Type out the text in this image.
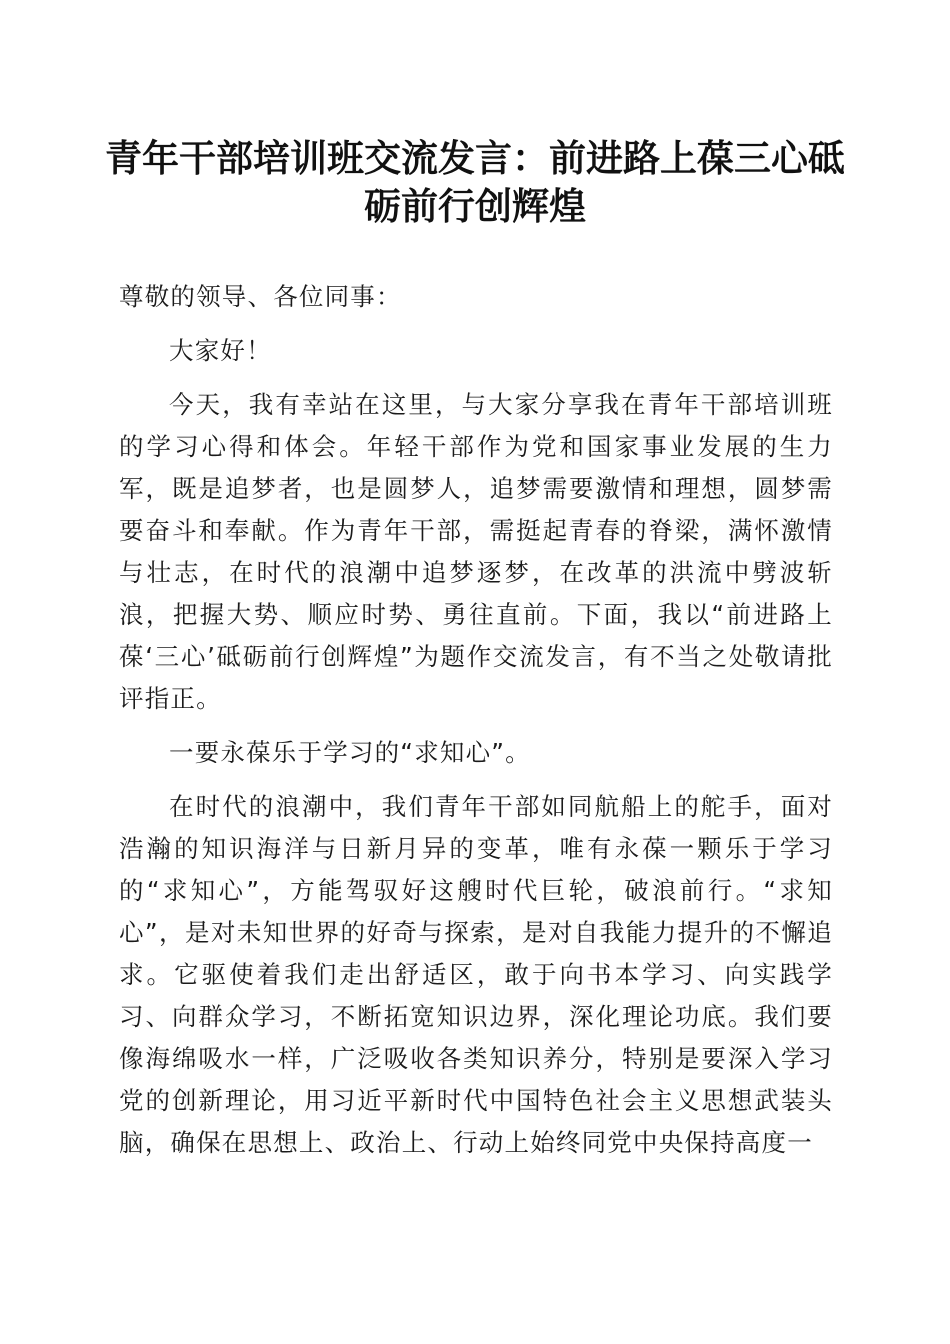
青年干部培训班交流发言：前进路上葆三心砥砺前行创辉煌

尊敬的领导、各位同事：

大家好！

今天，我有幸站在这里，与大家分享我在青年干部培训班的学习心得和体会。年轻干部作为党和国家事业发展的生力军，既是追梦者，也是圆梦人，追梦需要激情和理想，圆梦需要奋斗和奉献。作为青年干部，需挺起青春的脊梁，满怀激情与壮志，在时代的浪潮中追梦逐梦，在改革的洪流中劈波斩浪，把握大势、顺应时势、勇往直前。下面，我以“前进路上葆‘三心’砥砺前行创辉煌”为题作交流发言，有不当之处敬请批评指正。

一要永葆乐于学习的“求知心”。

在时代的浪潮中，我们青年干部如同航船上的舵手，面对浩瀚的知识海洋与日新月异的变革，唯有永葆一颗乐于学习的“求知心”，方能驾驭好这艘时代巨轮，破浪前行。“求知心”，是对未知世界的好奇与探索，是对自我能力提升的不懈追求。它驱使着我们走出舒适区，敢于向书本学习、向实践学习、向群众学习，不断拓宽知识边界，深化理论功底。我们要像海绵吸水一样，广泛吸收各类知识养分，特别是要深入学习党的创新理论，用习近平新时代中国特色社会主义思想武装头脑，确保在思想上、政治上、行动上始终同党中央保持高度一
